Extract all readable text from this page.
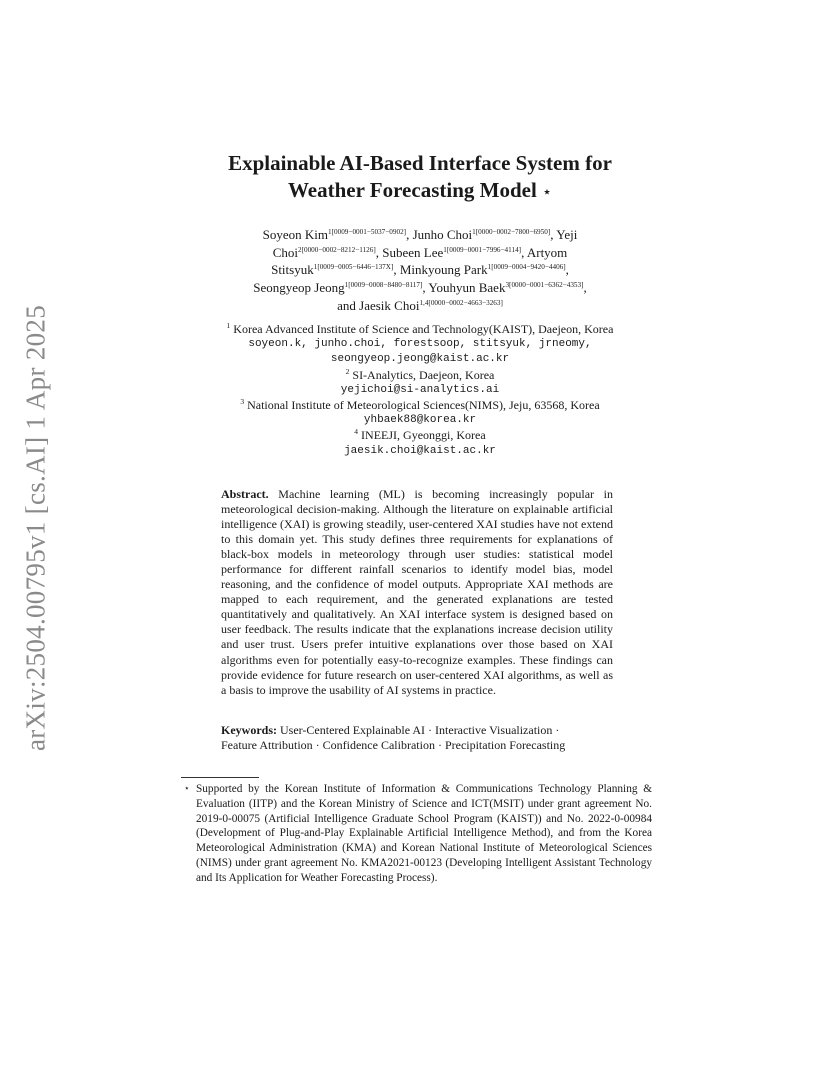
arXiv:2504.00795v1 [cs.AI] 1 Apr 2025
Explainable AI-Based Interface System for
Weather Forecasting Model ⋆
Soyeon Kim$^{1[0009-0001-5037-0902]}$, Junho Choi$^{1[0000-0002-7800-6950]}$, Yeji
Choi$^{2[0000-0002-8212-1126]}$, Subeen Lee$^{1[0009-0001-7996-4114]}$, Artyom
Stitsyuk$^{1[0009-0005-6446-137X]}$, Minkyoung Park$^{1[0009-0004-9420-4406]}$,
Seongyeop Jeong$^{1[0009-0008-8480-8117]}$, Youhyun Baek$^{3[0000-0001-6362-4353]}$,
and Jaesik Choi$^{1,4[0000-0002-4663-3263]}$
$^1$ Korea Advanced Institute of Science and Technology(KAIST), Daejeon, Korea
soyeon.k, junho.choi, forestsoop, stitsyuk, jrneomy,
seongyeop.jeong@kaist.ac.kr
$^2$ SI-Analytics, Daejeon, Korea
yejichoi@si-analytics.ai
$^3$ National Institute of Meteorological Sciences(NIMS), Jeju, 63568, Korea
yhbaek88@korea.kr
$^4$ INEEJI, Gyeonggi, Korea
jaesik.choi@kaist.ac.kr
Abstract. Machine learning (ML) is becoming increasingly popular in meteorological decision-making. Although the literature on explainable artificial intelligence (XAI) is growing steadily, user-centered XAI studies have not extend to this domain yet. This study defines three requirements for explanations of black-box models in meteorology through user studies: statistical model performance for different rainfall scenarios to identify model bias, model reasoning, and the confidence of model outputs. Appropriate XAI methods are mapped to each requirement, and the generated explanations are tested quantitatively and qualitatively. An XAI interface system is designed based on user feedback. The results indicate that the explanations increase decision utility and user trust. Users prefer intuitive explanations over those based on XAI algorithms even for potentially easy-to-recognize examples. These findings can provide evidence for future research on user-centered XAI algorithms, as well as a basis to improve the usability of AI systems in practice.
Keywords: User-Centered Explainable AI · Interactive Visualization ·
Feature Attribution · Confidence Calibration · Precipitation Forecasting
⋆ Supported by the Korean Institute of Information & Communications Technology Planning & Evaluation (IITP) and the Korean Ministry of Science and ICT(MSIT) under grant agreement No. 2019-0-00075 (Artificial Intelligence Graduate School Program (KAIST)) and No. 2022-0-00984 (Development of Plug-and-Play Explainable Artificial Intelligence Method), and from the Korea Meteorological Administration (KMA) and Korean National Institute of Meteorological Sciences (NIMS) under grant agreement No. KMA2021-00123 (Developing Intelligent Assistant Technology and Its Application for Weather Forecasting Process).
